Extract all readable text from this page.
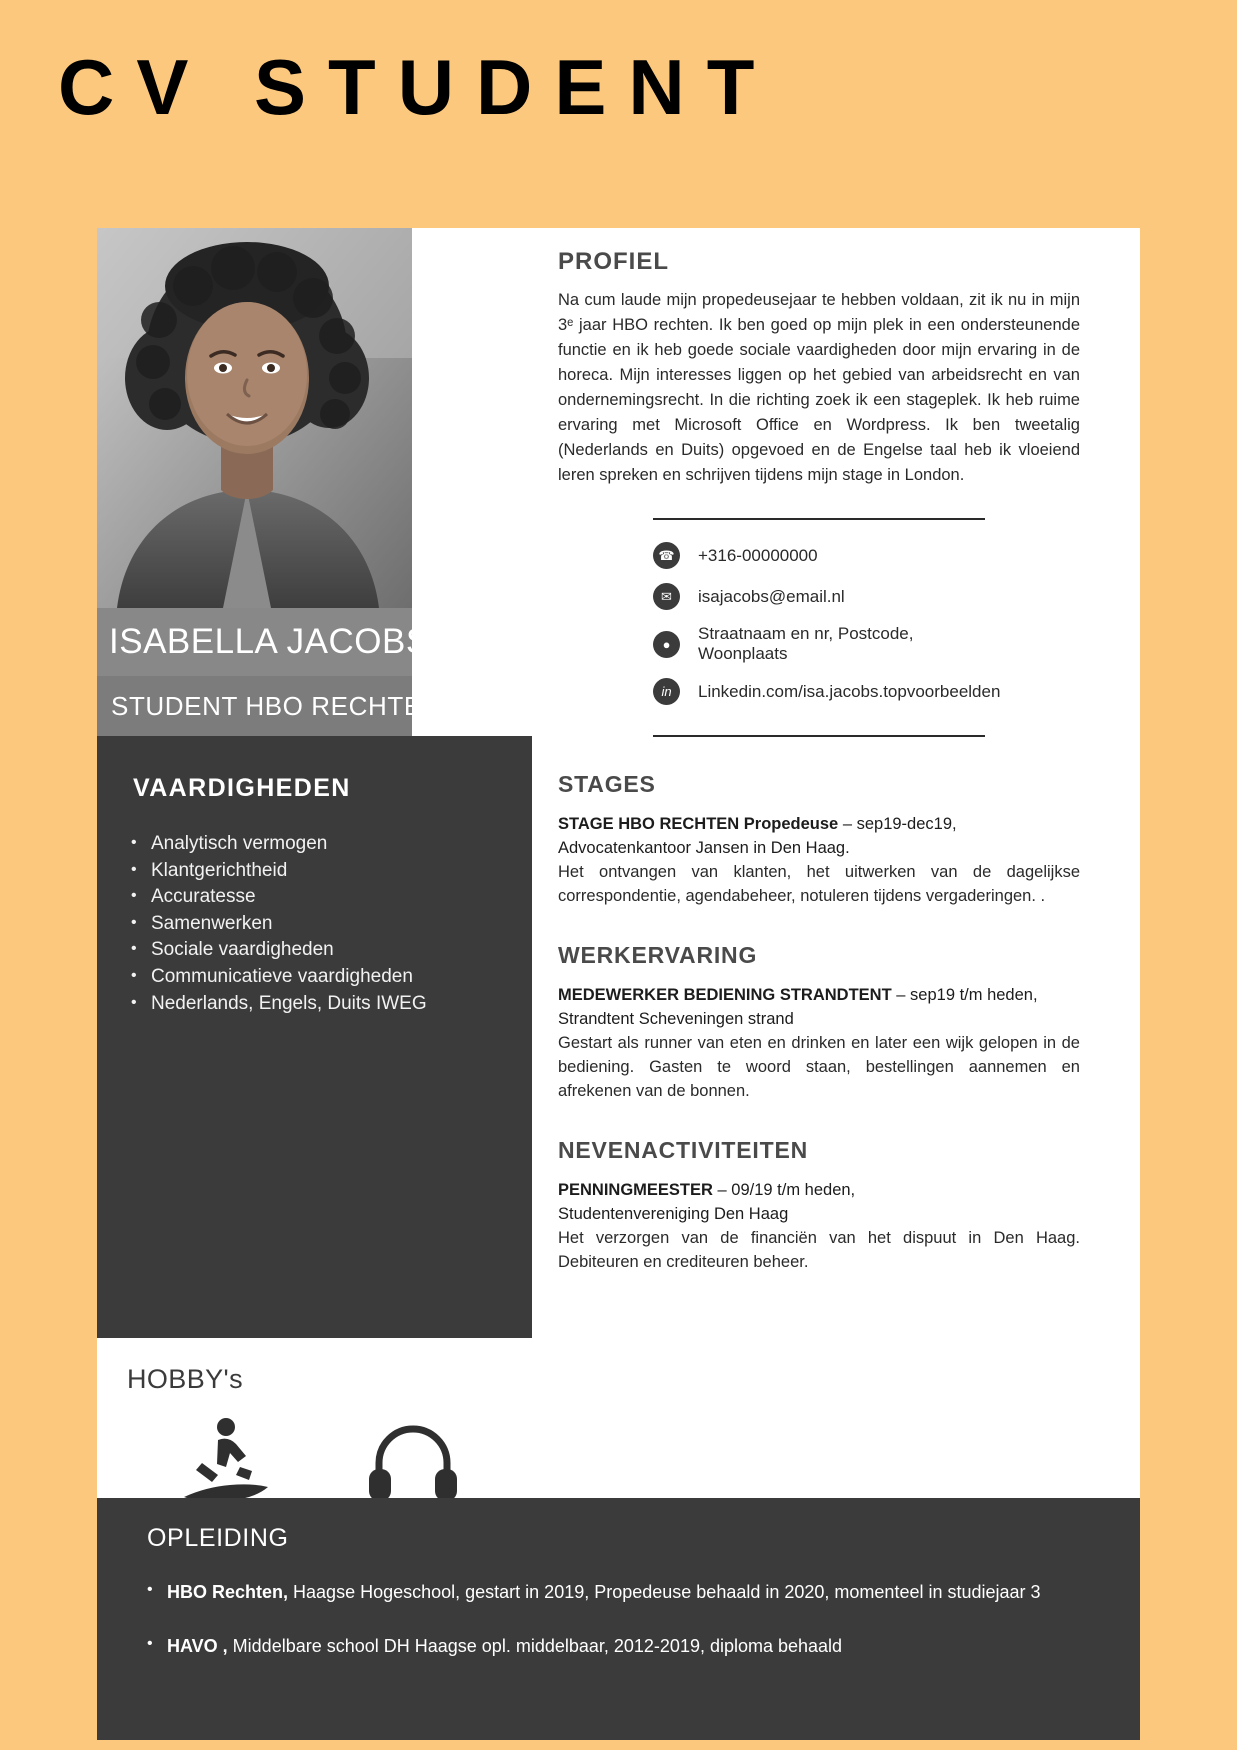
CV STUDENT
ISABELLA JACOBS
STUDENT HBO RECHTEN
VAARDIGHEDEN
• Analytisch vermogen
• Klantgerichtheid
• Accuratesse
• Samenwerken
• Sociale vaardigheden
• Communicatieve vaardigheden
• Nederlands, Engels, Duits IWEG
HOBBY's
PROFIEL

Na cum laude mijn propedeusejaar te hebben voldaan, zit ik nu in mijn 3ᵉ jaar HBO rechten. Ik ben goed op mijn plek in een ondersteunende functie en ik heb goede sociale vaardigheden door mijn ervaring in de horeca. Mijn interesses liggen op het gebied van arbeidsrecht en van ondernemingsrecht. In die richting zoek ik een stageplek. Ik heb ruime ervaring met Microsoft Office en Wordpress. Ik ben tweetalig (Nederlands en Duits) opgevoed en de Engelse taal heb ik vloeiend leren spreken en schrijven tijdens mijn stage in London.

☎	+316-00000000
✉	isajacobs@email.nl
●
Straatnaam en nr, Postcode, Woonplaats
in Linkedin.com/isa.jacobs.topvoorbeelden
STAGES

STAGE HBO RECHTEN Propedeuse – sep19-dec19,

Advocatenkantoor Jansen in Den Haag.

Het ontvangen van klanten, het uitwerken van de dagelijkse correspondentie, agendabeheer, notuleren tijdens vergaderingen. .

WERKERVARING

MEDEWERKER BEDIENING STRANDTENT – sep19 t/m heden,

Strandtent Scheveningen strand

Gestart als runner van eten en drinken en later een wijk gelopen in de bediening. Gasten te woord staan, bestellingen aannemen en afrekenen van de bonnen.

NEVENACTIVITEITEN

PENNINGMEESTER – 09/19 t/m heden,

Studentenvereniging Den Haag

Het verzorgen van de financiën van het dispuut in Den Haag. Debiteuren en crediteuren beheer.

OPLEIDING
• HBO Rechten, Haagse Hogeschool, gestart in 2019, Propedeuse behaald in 2020, momenteel in studiejaar 3
• HAVO , Middelbare school DH Haagse opl. middelbaar, 2012-2019, diploma behaald
